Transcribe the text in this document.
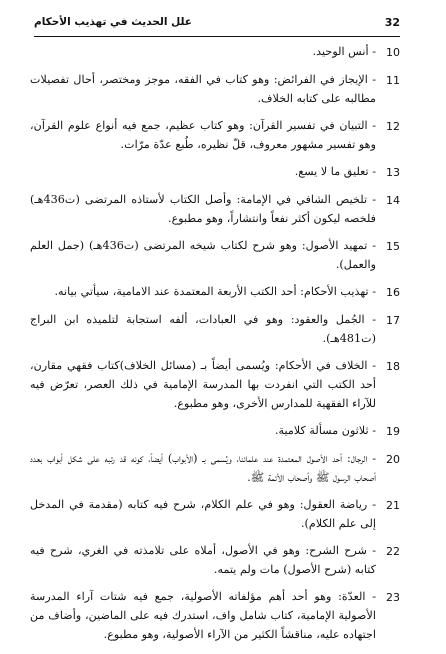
32
علل الحديث في تهذيب الأحكام
10
- أنس الوحيد.
11
- الإيجاز في الفرائض: وهو كتاب في الفقه، موجز ومختصر، أحال تفصيلات مطالبه على كتابه الخلاف.
12
- التبيان في تفسير القرآن: وهو كتاب عظيم، جمع فيه أنواع علوم القرآن، وهو تفسير مشهور معروف، قلّ نظيره، طُبع عدّة مرّات.
13
- تعليق ما لا يسع.
14
- تلخيص الشافي في الإمامة: وأصل الكتاب لأستاذه المرتضى (ت436هـ) فلخصه ليكون أكثر نفعاً وانتشاراً، وهو مطبوع.
15
- تمهيد الأصول: وهو شرح لكتاب شيخه المرتضى (ت436هـ) (جمل العلم والعمل).
16
- تهذيب الأحكام: أحد الكتب الأربعة المعتمدة عند الامامية، سيأتي بيانه.
17
- الجُمل والعقود: وهو في العبادات، ألفه استجابة لتلميذه ابن البراج (ت481هـ).
18
- الخلاف في الأحكام: ويُسمى أيضاً بـ (مسائل الخلاف)كتاب فقهي مقارن، أحد الكتب التي انفردت بها المدرسة الإمامية في ذلك العصر، تعرّض فيه للآراء الفقهية للمدارس الأخرى، وهو مطبوع.
19
- ثلاثون مسألة كلامية.
20
- الرجال: أحد الأصول المعتمدة عند علمائنا، ويُسمى بـ (الأبواب) أيضاً، كونه قد رتبه على شكل أبواب بعدد أصحاب الرسول ﷺ وأصحاب الأئمة ﷺ.
21
- رياضة العقول: وهو في علم الكلام، شرح فيه كتابه (مقدمة في المدخل إلى علم الكلام).
22
- شرح الشرح: وهو في الأصول، أملاه على تلامذته في الغري، شرح فيه كتابه (شرح الأصول) مات ولم يتمه.
23
- العدّة: وهو أحد أهم مؤلفاته الأصولية، جمع فيه شتات آراء المدرسة الأصولية الإمامية، كتاب شامل واف، استدرك فيه على الماضين، وأضاف من اجتهاده عليه، مناقشاً الكثير من الآراء الأصولية، وهو مطبوع.
